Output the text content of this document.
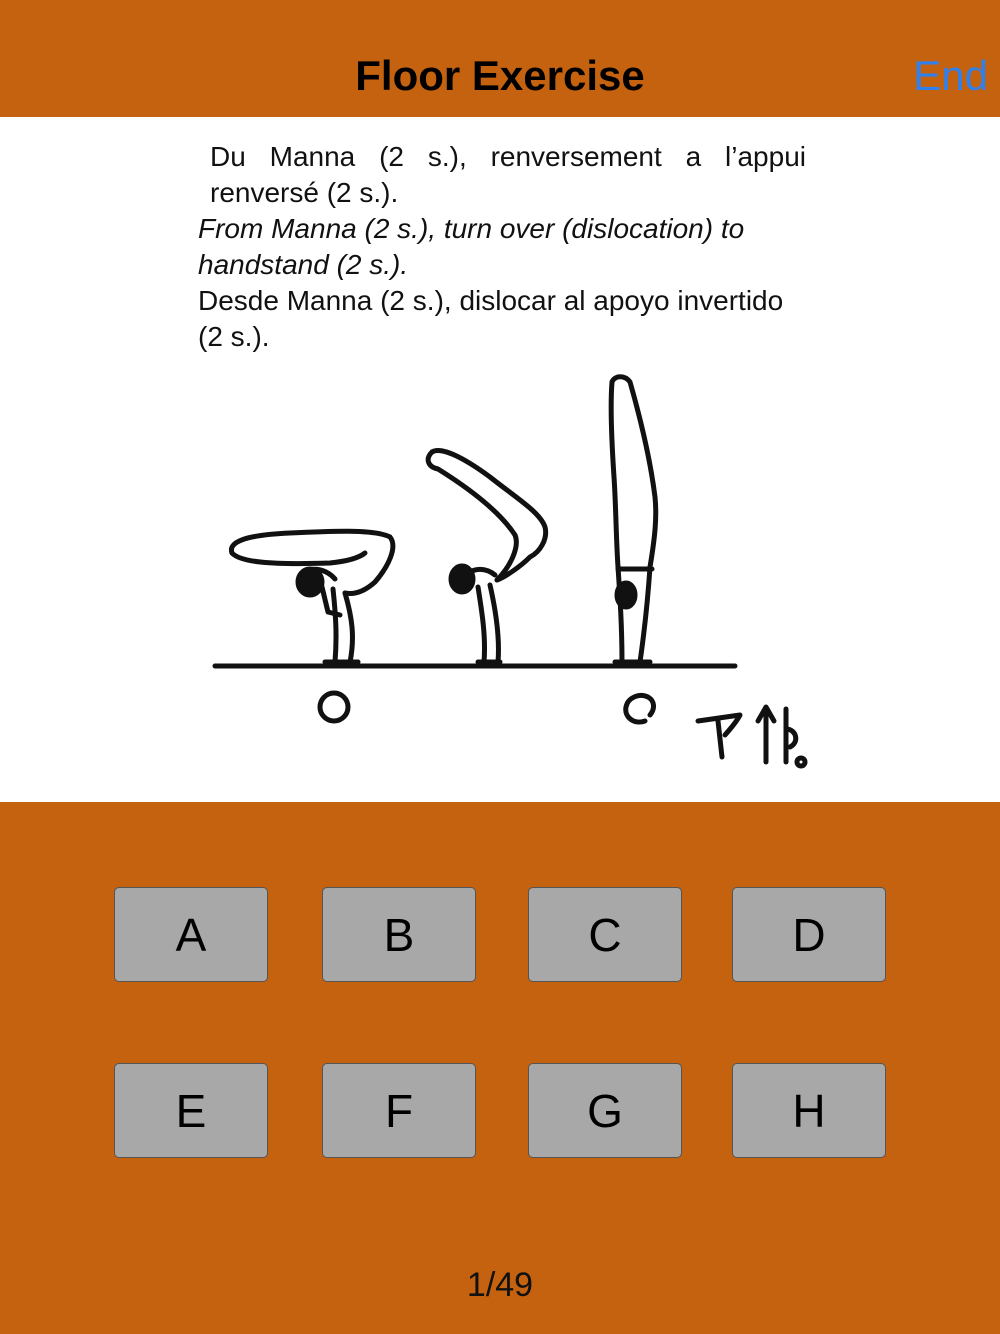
Floor Exercise	End

Du Manna (2 s.), renversement a l’appui renversé (2 s.).

From Manna (2 s.), turn over (dislocation) to handstand (2 s.).

Desde Manna (2 s.), dislocar al apoyo invertido (2 s.).

A	B	C	D
E	F	G	H
1/49
